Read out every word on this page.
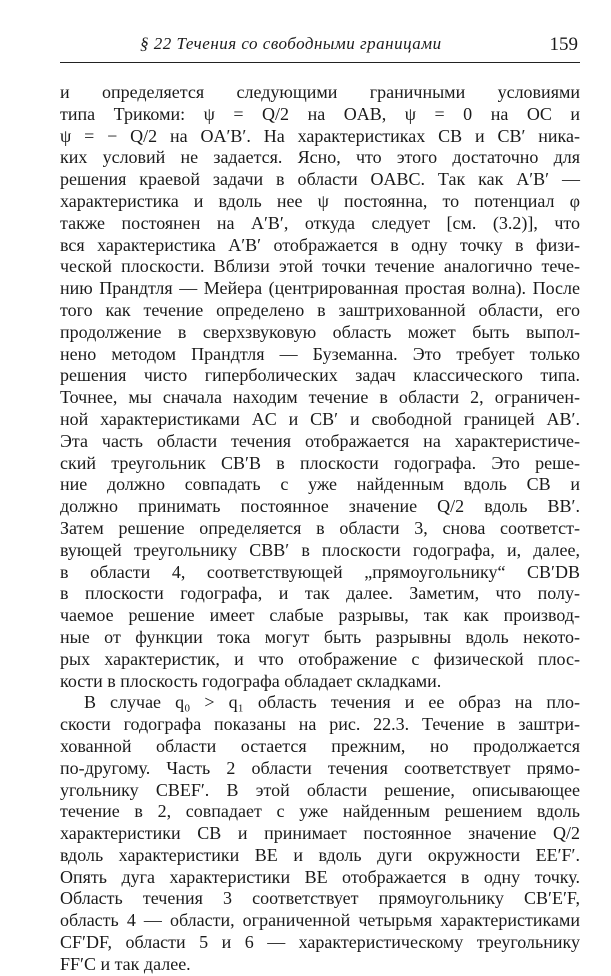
§ 22 Течения со свободными границами	159
и определяется следующими граничными условиями
типа Трикоми: ψ = Q/2 на OAB, ψ = 0 на OC и
ψ = − Q/2 на OA′B′. На характеристиках CB и CB′ ника-
ких условий не задается. Ясно, что этого достаточно для
решения краевой задачи в области OABC. Так как A′B′ —
характеристика и вдоль нее ψ постоянна, то потенциал φ
также постоянен на A′B′, откуда следует [см. (3.2)], что
вся характеристика A′B′ отображается в одну точку в физи-
ческой плоскости. Вблизи этой точки течение аналогично тече-
нию Прандтля — Мейера (центрированная простая волна). После
того как течение определено в заштрихованной области, его
продолжение в сверхзвуковую область может быть выпол-
нено методом Прандтля — Буземанна. Это требует только
решения чисто гиперболических задач классического типа.
Точнее, мы сначала находим течение в области 2, ограничен-
ной характеристиками AC и CB′ и свободной границей AB′.
Эта часть области течения отображается на характеристиче-
ский треугольник CB′B в плоскости годографа. Это реше-
ние должно совпадать с уже найденным вдоль CB и
должно принимать постоянное значение Q/2 вдоль BB′.
Затем решение определяется в области 3, снова соответст-
вующей треугольнику CBB′ в плоскости годографа, и, далее,
в области 4, соответствующей „прямоугольнику“ CB′DB
в плоскости годографа, и так далее. Заметим, что полу-
чаемое решение имеет слабые разрывы, так как производ-
ные от функции тока могут быть разрывны вдоль некото-
рых характеристик, и что отображение с физической плос-
кости в плоскость годографа обладает складками.
В случае q₀ > q₁ область течения и ее образ на пло-
скости годографа показаны на рис. 22.3. Течение в заштри-
хованной области остается прежним, но продолжается
по-другому. Часть 2 области течения соответствует прямо-
угольнику CBEF′. В этой области решение, описывающее
течение в 2, совпадает с уже найденным решением вдоль
характеристики CB и принимает постоянное значение Q/2
вдоль характеристики BE и вдоль дуги окружности EE′F′.
Опять дуга характеристики BE отображается в одну точку.
Область течения 3 соответствует прямоугольнику CB′E′F,
область 4 — области, ограниченной четырьмя характеристиками
CF′DF, области 5 и 6 — характеристическому треугольнику
FF′C и так далее.
